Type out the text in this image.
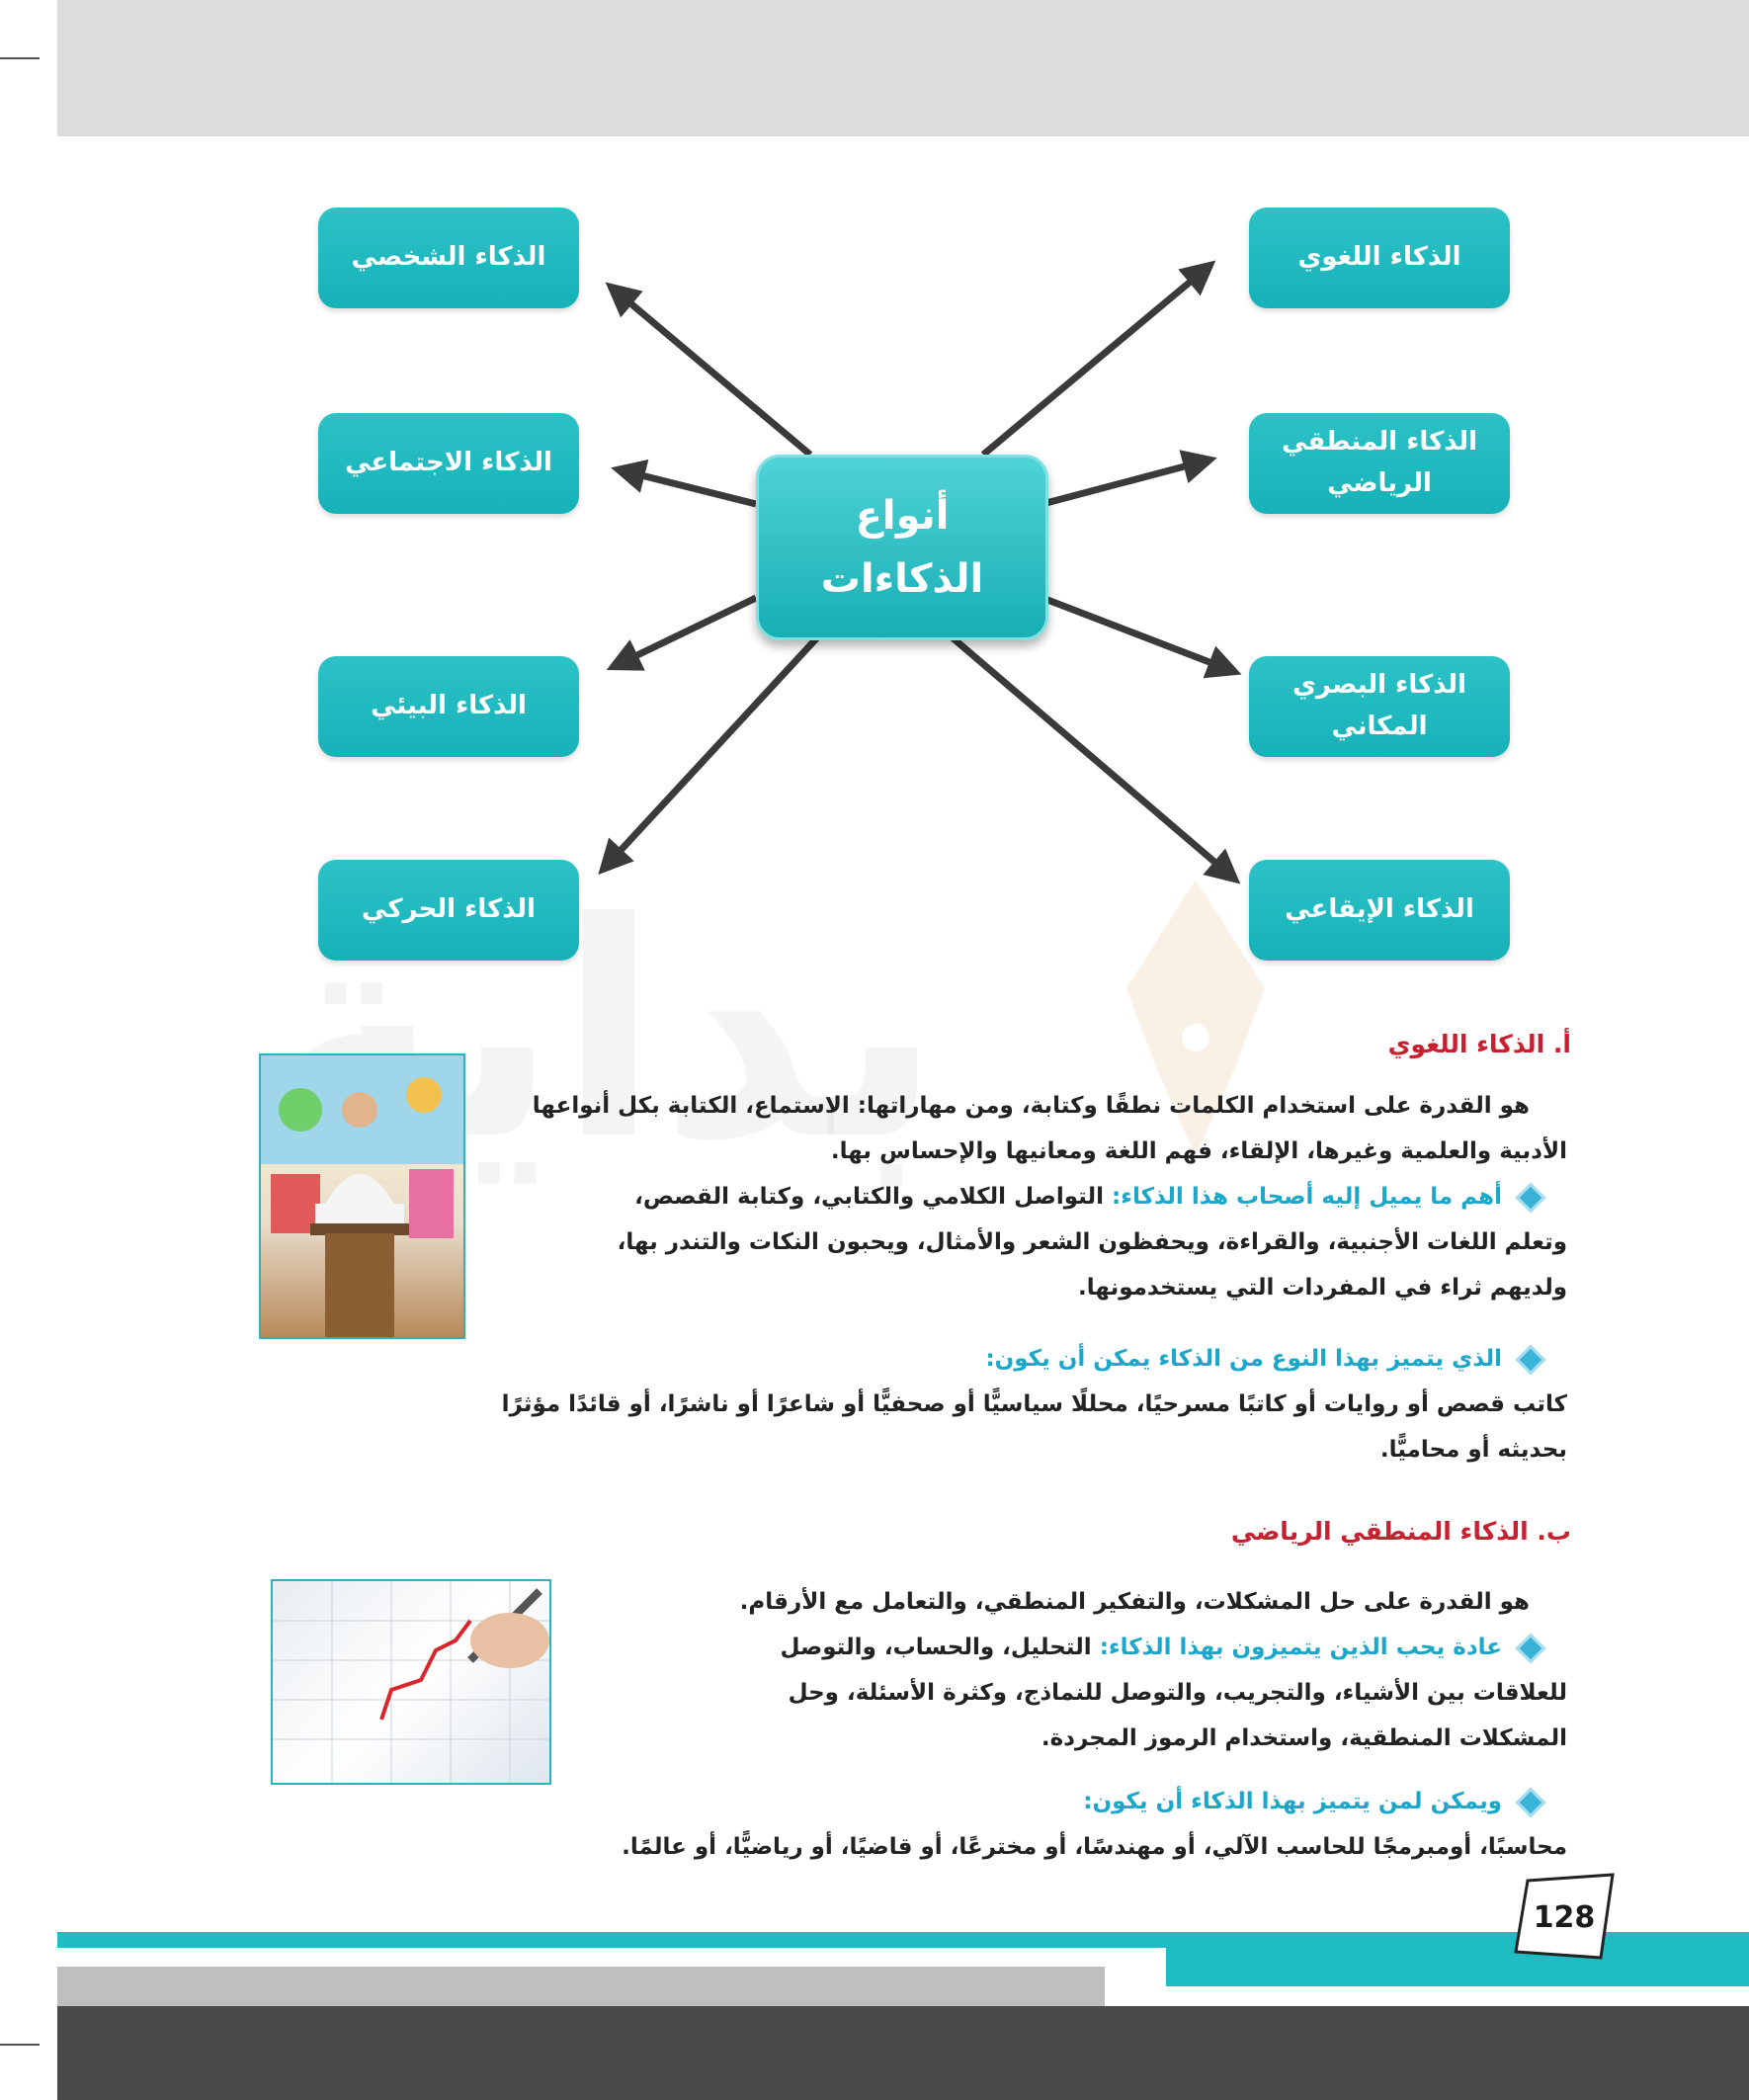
الذكاء الشخصي	الذكاء اللغوي
الذكاء الاجتماعي
الذكاء المنطقي
الرياضي
الذكاء البيئي
الذكاء البصري
المكاني
الذكاء الحركي	الذكاء الإيقاعي
أنواع
الذكاءات
أ. الذكاء اللغوي
هو القدرة على استخدام الكلمات نطقًا وكتابة، ومن مهاراتها: الاستماع، الكتابة بكل أنواعها
الأدبية والعلمية وغيرها، الإلقاء، فهم اللغة ومعانيها والإحساس بها.
أهم ما يميل إليه أصحاب هذا الذكاء: التواصل الكلامي والكتابي، وكتابة القصص،
وتعلم اللغات الأجنبية، والقراءة، ويحفظون الشعر والأمثال، ويحبون النكات والتندر بها،
ولديهم ثراء في المفردات التي يستخدمونها.
الذي يتميز بهذا النوع من الذكاء يمكن أن يكون:
كاتب قصص أو روايات أو كاتبًا مسرحيًا، محللًا سياسيًّا أو صحفيًّا أو شاعرًا أو ناشرًا، أو قائدًا مؤثرًا
بحديثه أو محاميًّا.
ب. الذكاء المنطقي الرياضي
هو القدرة على حل المشكلات، والتفكير المنطقي، والتعامل مع الأرقام.
عادة يحب الذين يتميزون بهذا الذكاء: التحليل، والحساب، والتوصل
للعلاقات بين الأشياء، والتجريب، والتوصل للنماذج، وكثرة الأسئلة، وحل
المشكلات المنطقية، واستخدام الرموز المجردة.
ويمكن لمن يتميز بهذا الذكاء أن يكون:
محاسبًا، أومبرمجًا للحاسب الآلي، أو مهندسًا، أو مخترعًا، أو قاضيًا، أو رياضيًّا، أو عالمًا.
128
